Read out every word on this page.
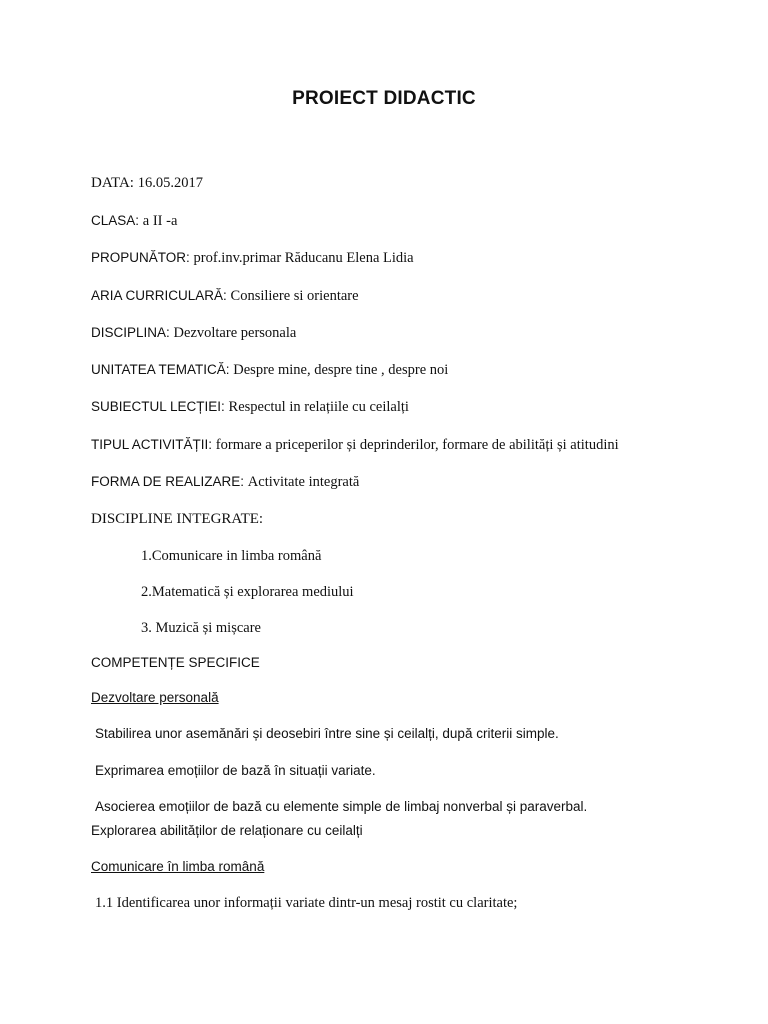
PROIECT DIDACTIC
DATA: 16.05.2017
CLASA: a II -a
PROPUNĂTOR: prof.inv.primar Răducanu Elena Lidia
ARIA CURRICULARĂ: Consiliere si orientare
DISCIPLINA: Dezvoltare personala
UNITATEA TEMATICĂ: Despre mine, despre tine , despre noi
SUBIECTUL LECȚIEI: Respectul in relațiile cu ceilalți
TIPUL ACTIVITĂȚII: formare a priceperilor și deprinderilor, formare de abilități și atitudini
FORMA DE REALIZARE: Activitate integrată
DISCIPLINE INTEGRATE:
1.Comunicare in limba română
2.Matematică și explorarea mediului
3. Muzică și mișcare
COMPETENȚE SPECIFICE
Dezvoltare personală
Stabilirea unor asemănări și deosebiri între sine și ceilalți, după criterii simple.
Exprimarea emoțiilor de bază în situații variate.
Asocierea emoțiilor de bază cu elemente simple de limbaj nonverbal și paraverbal.
Explorarea abilităților de relaționare cu ceilalți
Comunicare în limba română
1.1 Identificarea unor informații variate dintr-un mesaj rostit cu claritate;
